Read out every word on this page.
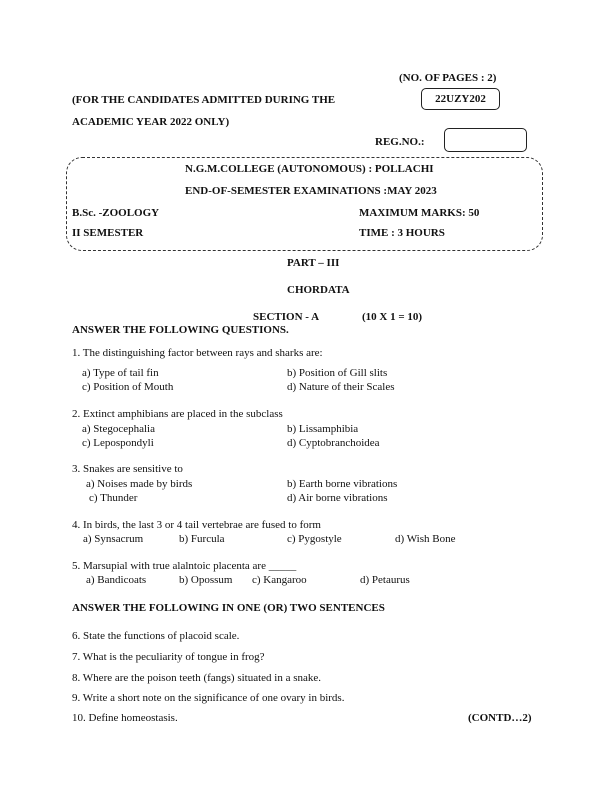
(NO. OF PAGES : 2)
(FOR THE CANDIDATES ADMITTED DURING THE	22UZY202
ACADEMIC YEAR 2022 ONLY)
REG.NO.:
N.G.M.COLLEGE (AUTONOMOUS) : POLLACHI
END-OF-SEMESTER EXAMINATIONS :MAY 2023
B.Sc. -ZOOLOGY	MAXIMUM MARKS: 50
II SEMESTER	TIME : 3 HOURS
PART – III
CHORDATA
SECTION - A	(10 X 1 = 10)
ANSWER THE FOLLOWING QUESTIONS.
1. The distinguishing factor between rays and sharks are:
a) Type of tail fin	b) Position of Gill slits
c) Position of Mouth	d) Nature of their Scales
2. Extinct amphibians are placed in the subclass
a) Stegocephalia	b) Lissamphibia
c) Lepospondyli	d) Cyptobranchoidea
3. Snakes are sensitive to
a) Noises made by birds	b) Earth borne vibrations
c) Thunder	d) Air borne vibrations
4. In birds, the last 3 or 4 tail vertebrae are fused to form
a) Synsacrum	b) Furcula	c) Pygostyle	d) Wish Bone
5. Marsupial with true alalntoic placenta are _____
a) Bandicoats	b) Opossum c) Kangaroo	d) Petaurus
ANSWER THE FOLLOWING IN ONE (OR) TWO SENTENCES
6. State the functions of placoid scale.
7. What is the peculiarity of tongue in frog?
8. Where are the poison teeth (fangs) situated in a snake.
9. Write a short note on the significance of one ovary in birds.
10. Define homeostasis.	(CONTD…2)
